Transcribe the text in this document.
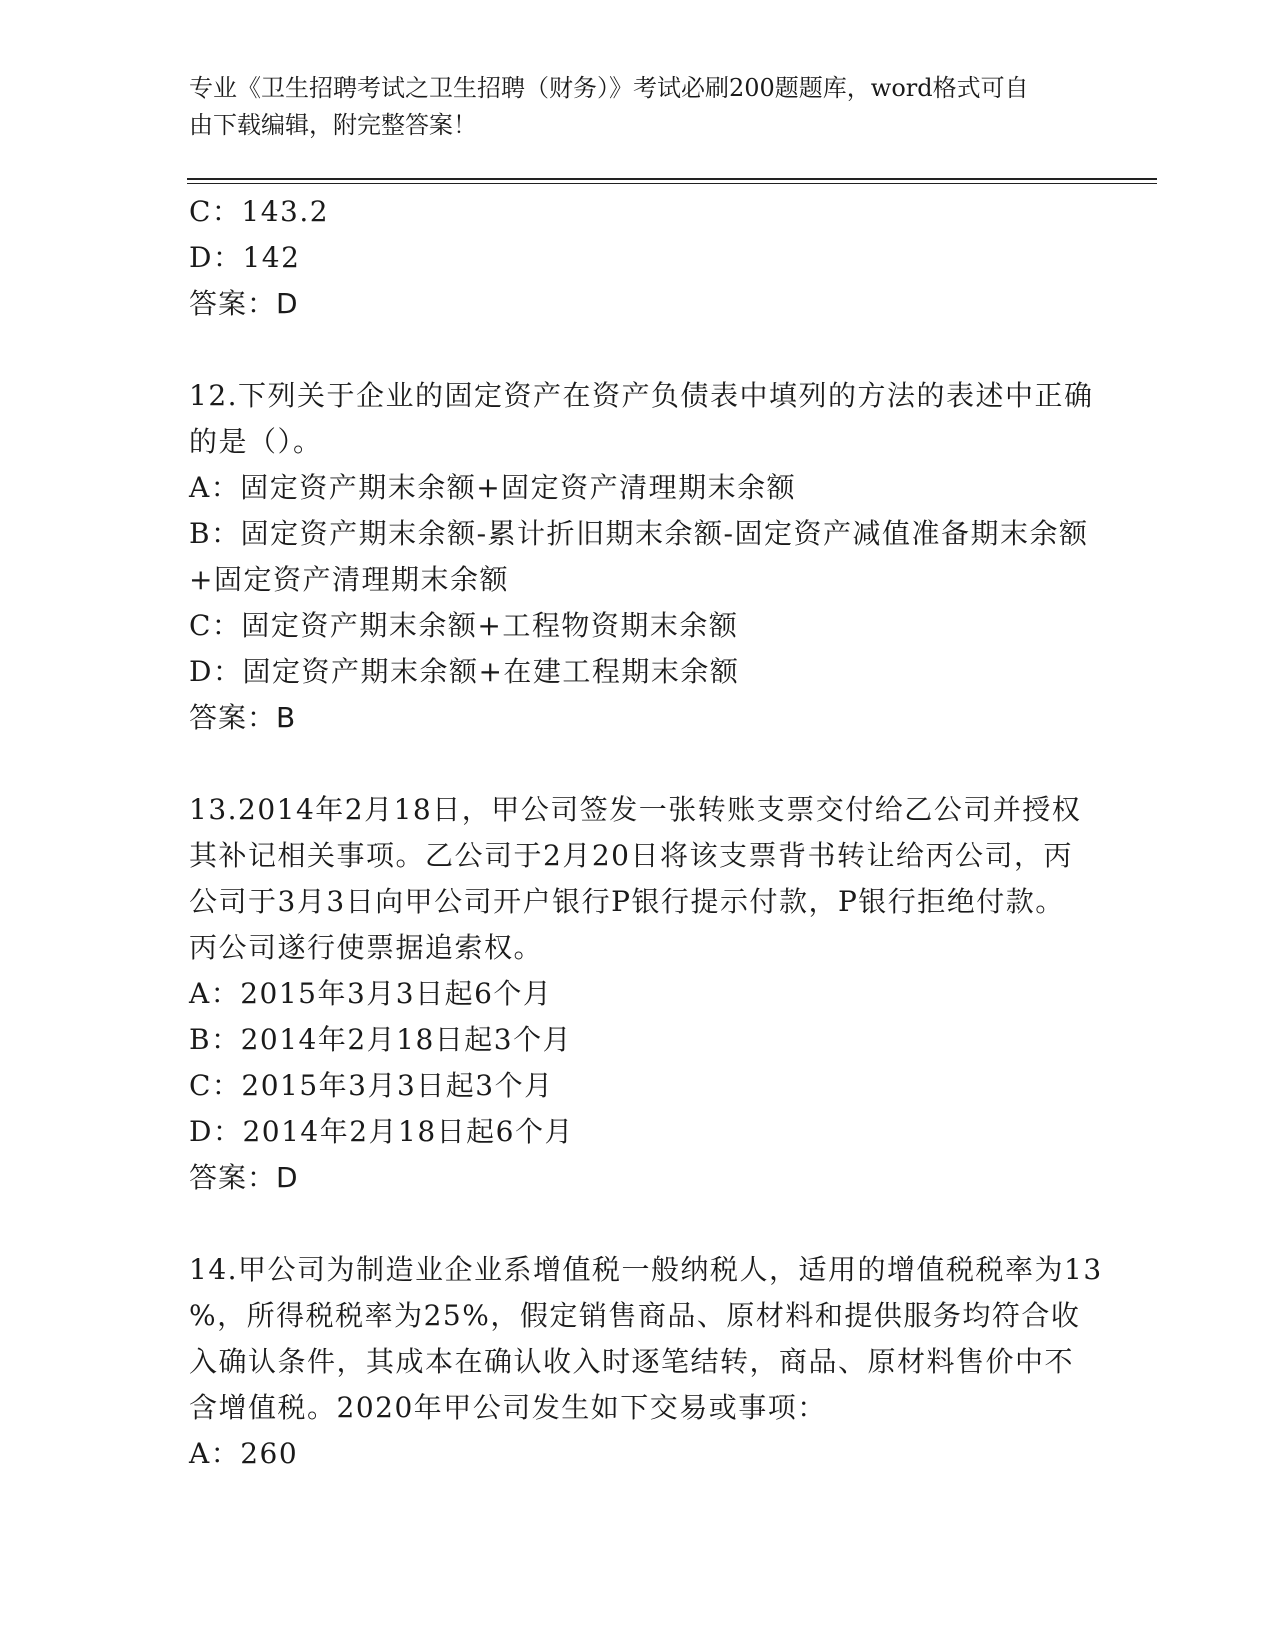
专业《卫生招聘考试之卫生招聘（财务）》考试必刷200题题库，word格式可自
由下载编辑，附完整答案！

C：143.2

D：142

答案：D

12.下列关于企业的固定资产在资产负债表中填列的方法的表述中正确

的是（）。

A：固定资产期末余额+固定资产清理期末余额

B：固定资产期末余额-累计折旧期末余额-固定资产减值准备期末余额

+固定资产清理期末余额

C：固定资产期末余额+工程物资期末余额

D：固定资产期末余额+在建工程期末余额

答案：B

13.2014年2月18日，甲公司签发一张转账支票交付给乙公司并授权

其补记相关事项。乙公司于2月20日将该支票背书转让给丙公司，丙

公司于3月3日向甲公司开户银行P银行提示付款，P银行拒绝付款。

丙公司遂行使票据追索权。

A：2015年3月3日起6个月

B：2014年2月18日起3个月

C：2015年3月3日起3个月

D：2014年2月18日起6个月

答案：D

14.甲公司为制造业企业系增值税一般纳税人，适用的增值税税率为13

%，所得税税率为25%，假定销售商品、原材料和提供服务均符合收

入确认条件，其成本在确认收入时逐笔结转，商品、原材料售价中不

含增值税。2020年甲公司发生如下交易或事项：

A：260
